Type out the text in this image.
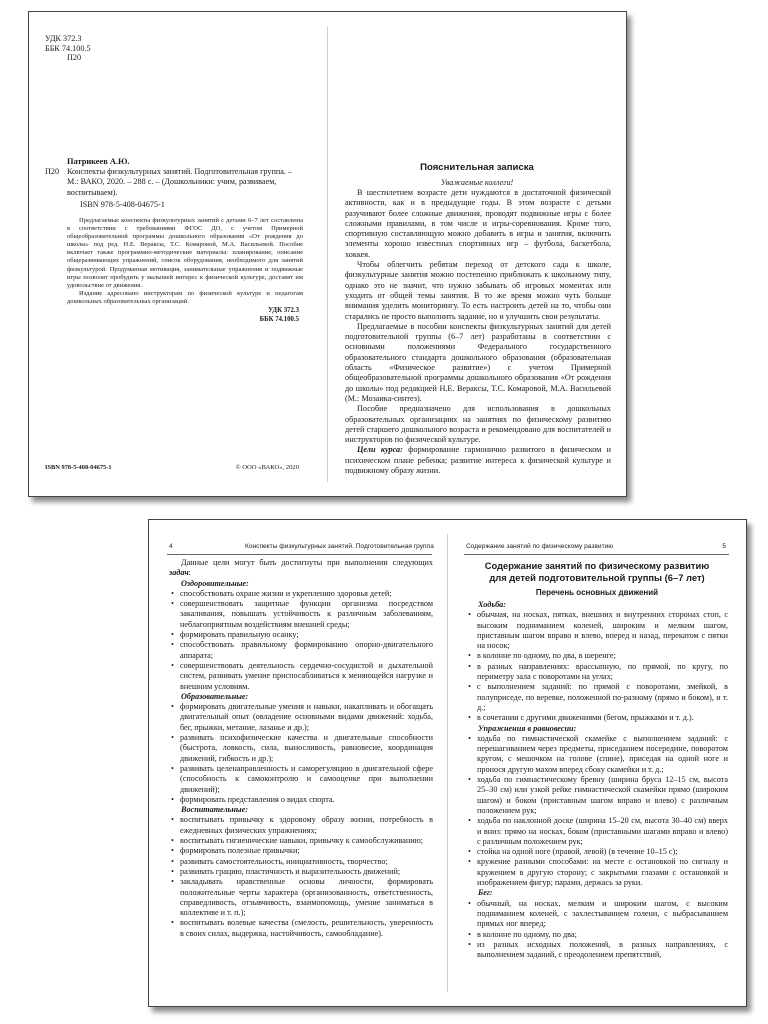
УДК 372.3
ББК 74.100.5
П20
Патрикеев А.Ю.
П20 Конспекты физкультурных занятий. Подготовительная группа. – М.: ВАКО, 2020. – 288 с. – (Дошкольники: учим, развиваем, воспитываем).
ISBN 978-5-408-04675-1

Предлагаемые конспекты физкультурных занятий с детьми 6–7 лет составлены в соответствии с требованиями ФГОС ДО, с учетом Примерной общеобразовательной программы дошкольного образования «От рождения до школы» под ред. Н.Е. Вераксы, Т.С. Комаровой, М.А. Васильевой. Пособие включает также программно-методические материалы: планирование, описание общеразвивающих упражнений, список оборудования, необходимого для занятий физкультурой. Продуманная мотивация, занимательные упражнения и подвижные игры позволят пробудить у малышей интерес к физической культуре, доставят им удовольствие от движения.

Издание адресовано инструкторам по физической культуре и педагогам дошкольных образовательных организаций.

УДК 372.3
ББК 74.100.5
ISBN 978-5-408-04675-1	© ООО «ВАКО», 2020
Пояснительная записка
Уважаемые коллеги!

В шестилетнем возрасте дети нуждаются в достаточной физической активности, как и в предыдущие годы. В этом возрасте с детьми разучивают более сложные движения, проводят подвижные игры с более сложными правилами, в том числе и игры-соревнования. Кроме того, спортивную составляющую можно добавить в игры и занятия, включить элементы хорошо известных спортивных игр – футбола, баскетбола, хоккея.

Чтобы облегчить ребятам переход от детского сада к школе, физкультурные занятия можно постепенно приближать к школьному типу, однако это не значит, что нужно забывать об игровых моментах или уходить от общей темы занятия. В то же время можно чуть больше внимания уделить мониторингу. То есть настроить детей на то, чтобы они старались не просто выполнить задание, но и улучшить свои результаты.

Предлагаемые в пособии конспекты физкультурных занятий для детей подготовительной группы (6–7 лет) разработаны в соответствии с основными положениями Федерального государственного образовательного стандарта дошкольного образования (образовательная область «Физическое развитие») с учетом Примерной общеобразовательной программы дошкольного образования «От рождения до школы» под редакцией Н.Е. Вераксы, Т.С. Комаровой, М.А. Васильевой (М.: Мозаика-синтез).

Пособие предназначено для использования в дошкольных образовательных организациях на занятиях по физическому развитию детей старшего дошкольного возраста и рекомендовано для воспитателей и инструкторов по физической культуре.

Цели курса: формирование гармонично развитого в физическом и психическом плане ребенка; развитие интереса к физической культуре и подвижному образу жизни.

4	Конспекты физкультурных занятий. Подготовительная группа

Данные цели могут быть достигнуты при выполнении следующих задач:

Оздоровительные:
• способствовать охране жизни и укреплению здоровья детей;
• совершенствовать защитные функции организма посредством закаливания, повышать устойчивость к различным заболеваниям, неблагоприятным воздействиям внешней среды;
• формировать правильную осанку;
• способствовать правильному формированию опорно-двигательного аппарата;
• совершенствовать деятельность сердечно-сосудистой и дыхательной систем, развивать умение приспосабливаться к меняющейся нагрузке и внешним условиям.
Образовательные:
• формировать двигательные умения и навыки, накапливать и обогащать двигательный опыт (овладение основными видами движений: ходьба, бег, прыжки, метание, лазанье и др.);
• развивать психофизические качества и двигательные способности (быстрота, ловкость, сила, выносливость, равновесие, координация движений, гибкость и др.);
• развивать целенаправленность и саморегуляцию в двигательной сфере (способность к самоконтролю и самооценке при выполнении движений);
• формировать представления о видах спорта.
Воспитательные:
• воспитывать привычку к здоровому образу жизни, потребность в ежедневных физических упражнениях;
• воспитывать гигиенические навыки, привычку к самообслуживанию;
• формировать полезные привычки;
• развивать самостоятельность, инициативность, творчество;
• развивать грацию, пластичность и выразительность движений;
• закладывать нравственные основы личности, формировать положительные черты характера (организованность, ответственность, справедливость, отзывчивость, взаимопомощь, умение заниматься в коллективе и т. п.);
• воспитывать волевые качества (смелость, решительность, уверенность в своих силах, выдержка, настойчивость, самообладание).
Содержание занятий по физическому развитию	5
Содержание занятий по физическому развитию
для детей подготовительной группы (6–7 лет)
Перечень основных движений
Ходьба:
• обычная, на носках, пятках, внешних и внутренних сторонах стоп, с высоким подниманием коленей, широким и мелким шагом, приставным шагом вправо и влево, вперед и назад, перекатом с пятки на носок;
• в колонне по одному, по два, в шеренге;
• в разных направлениях: врассыпную, по прямой, по кругу, по периметру зала с поворотами на углах;
• с выполнением заданий: по прямой с поворотами, змейкой, в полуприседе, по веревке, положенной по-разному (прямо и боком), и т. д.;
• в сочетании с другими движениями (бегом, прыжками и т. д.).
Упражнения в равновесии:
• ходьба по гимнастической скамейке с выполнением заданий: с перешагиванием через предметы, приседанием посередине, поворотом кругом, с мешочком на голове (спине), приседая на одной ноге и пронося другую махом вперед сбоку скамейки и т. д.;
• ходьба по гимнастическому бревну (ширина бруса 12–15 см, высота 25–30 см) или узкой рейке гимнастической скамейки прямо (широким шагом) и боком (приставным шагом вправо и влево) с различным положением рук;
• ходьба по наклонной доске (ширина 15–20 см, высота 30–40 см) вверх и вниз: прямо на носках, боком (приставными шагами вправо и влево) с различным положением рук;
• стойка на одной ноге (правой, левой) (в течение 10–15 с);
• кружение разными способами: на месте с остановкой по сигналу и кружением в другую сторону; с закрытыми глазами с остановкой и изображением фигур; парами, держась за руки.
Бег:
• обычный, на носках, мелким и широким шагом, с высоким подниманием коленей, с захлестыванием голени, с выбрасыванием прямых ног вперед;
• в колонне по одному, по два;
• из разных исходных положений, в разных направлениях, с выполнением заданий, с преодолением препятствий,
